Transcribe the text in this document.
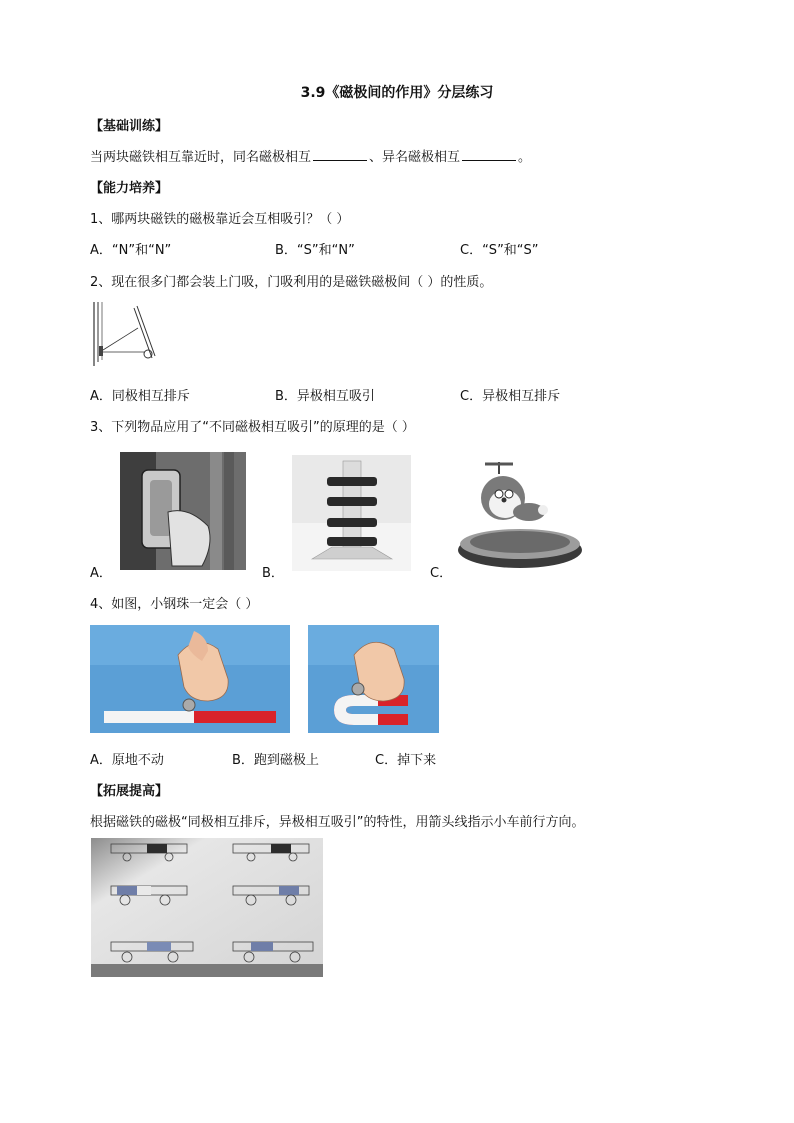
3.9《磁极间的作用》分层练习
【基础训练】
当两块磁铁相互靠近时，同名磁极相互	、异名磁极相互	。
【能力培养】
1、哪两块磁铁的磁极靠近会互相吸引？（ ）
A．“N”和“N”	B．“S”和“N”	C．“S”和“S”
2、现在很多门都会装上门吸，门吸利用的是磁铁磁极间（ ）的性质。
A．同极相互排斥	B．异极相互吸引	C．异极相互排斥
3、下列物品应用了“不同磁极相互吸引”的原理的是（ ）
A．	B．	C．
4、如图，小钢珠一定会（ ）
A．原地不动	B．跑到磁极上	C．掉下来
【拓展提高】
根据磁铁的磁极“同极相互排斥，异极相互吸引”的特性，用箭头线指示小车前行方向。
